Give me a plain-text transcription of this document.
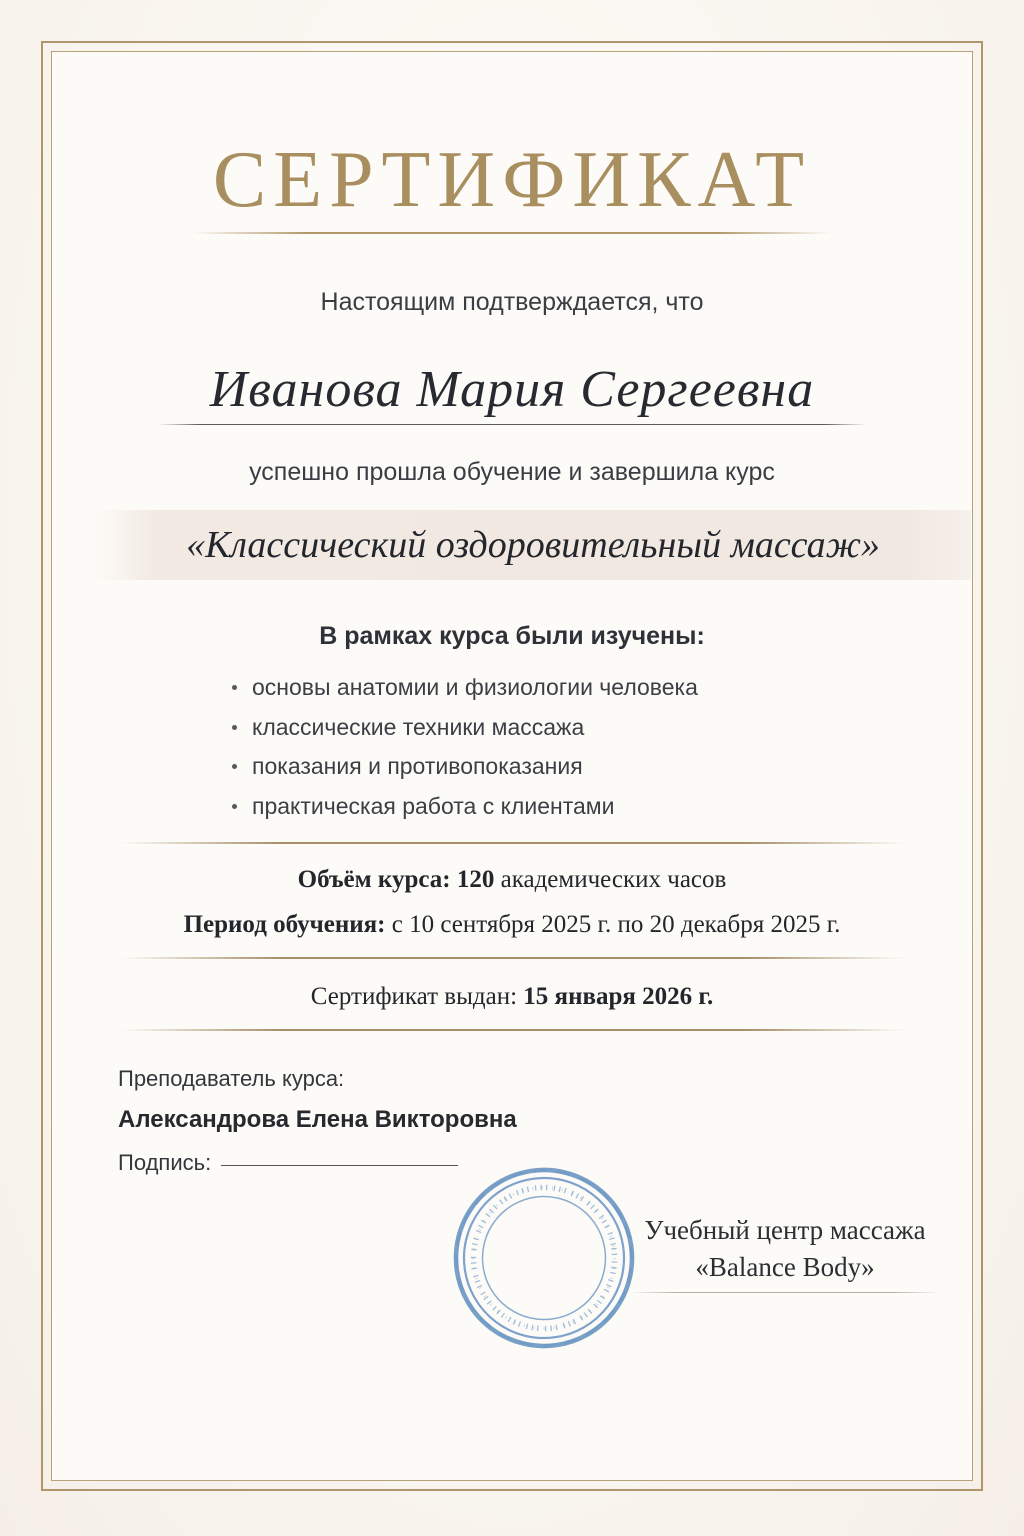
СЕРТИФИКАТ
Настоящим подтверждается, что
Иванова Мария Сергеевна
успешно прошла обучение и завершила курс
«Классический оздоровительный массаж»
В рамках курса были изучены:
основы анатомии и физиологии человека
классические техники массажа
показания и противопоказания
практическая работа с клиентами
Объём курса: 120 академических часов
Период обучения: с 10 сентября 2025 г. по 20 декабря 2025 г.
Сертификат выдан: 15 января 2026 г.
Преподаватель курса:
Александрова Елена Викторовна
Подпись:
Учебный центр массажа
«Balance Body»
